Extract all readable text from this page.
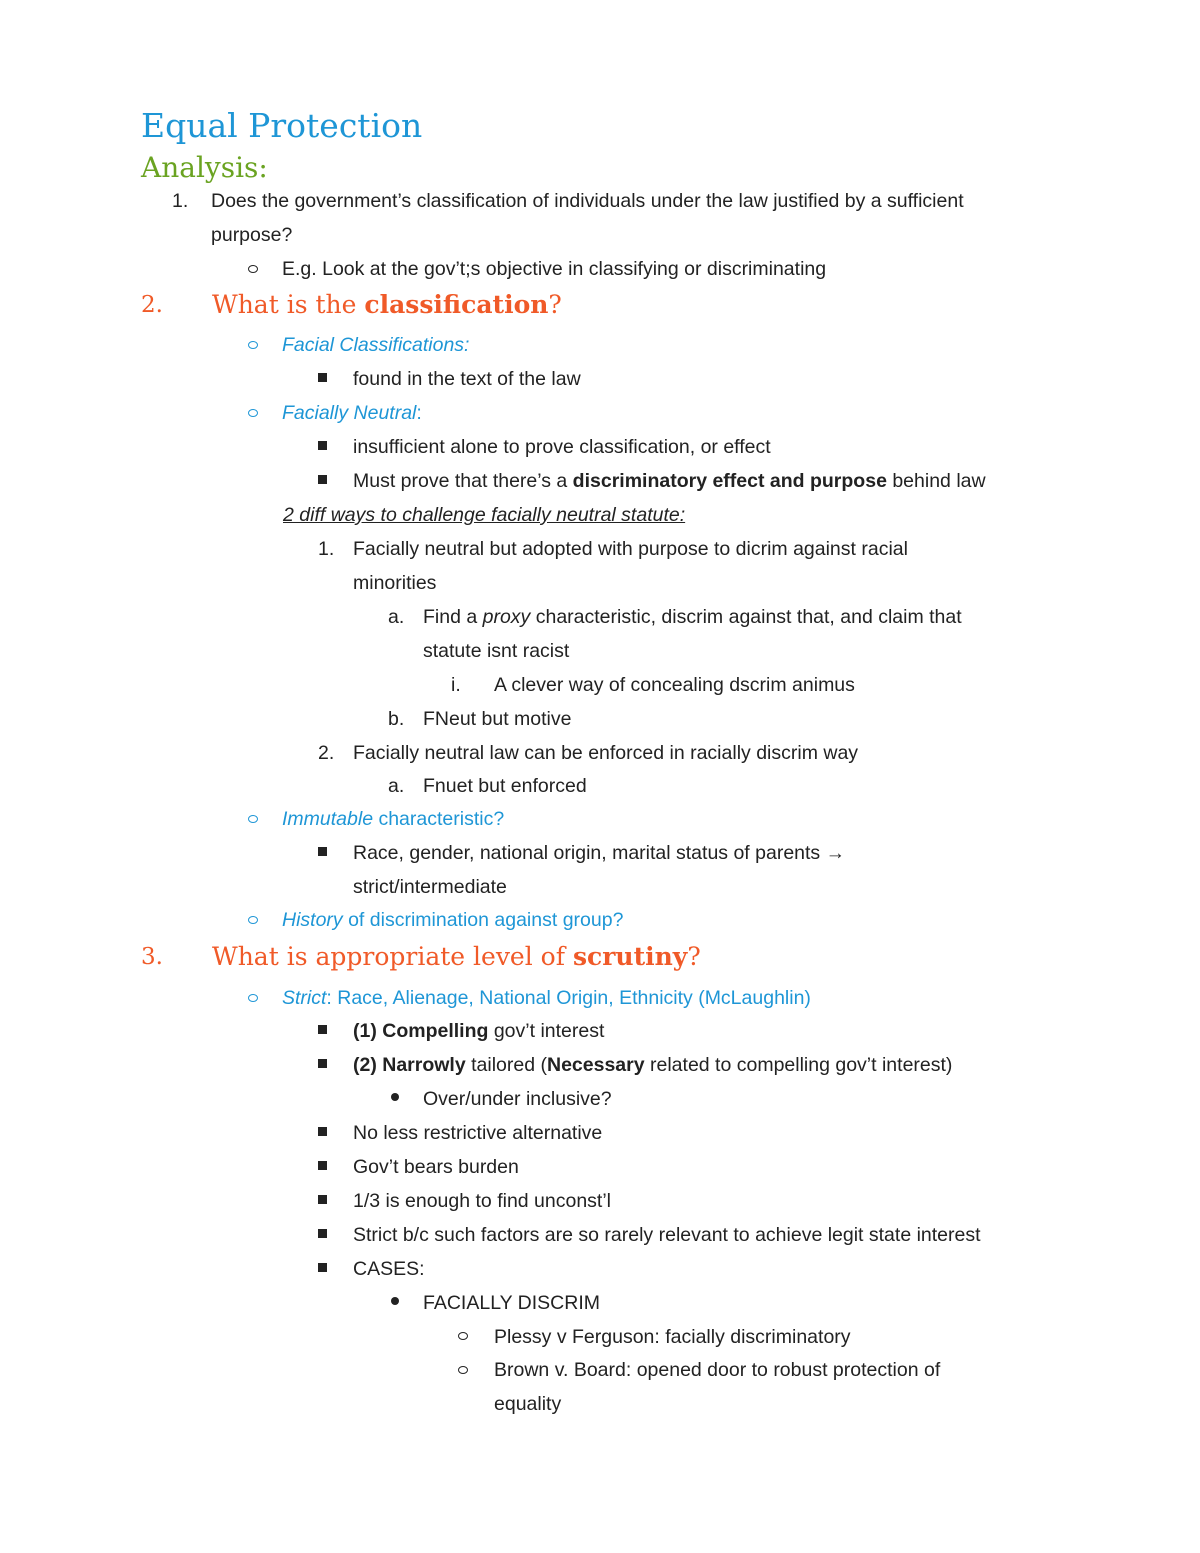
Equal Protection
Analysis:
1. Does the government’s classification of individuals under the law justified by a sufficient
purpose?
E.g. Look at the gov’t;s objective in classifying or discriminating
2. What is the classification?
Facial Classifications:
found in the text of the law
Facially Neutral:
insufficient alone to prove classification, or effect
Must prove that there’s a discriminatory effect and purpose behind law
2 diff ways to challenge facially neutral statute:
1. Facially neutral but adopted with purpose to dicrim against racial
minorities
a. Find a proxy characteristic, discrim against that, and claim that
statute isnt racist
i. A clever way of concealing dscrim animus
b. FNeut but motive
2. Facially neutral law can be enforced in racially discrim way
a. Fnuet but enforced
Immutable characteristic?
Race, gender, national origin, marital status of parents →
strict/intermediate
History of discrimination against group?
3. What is appropriate level of scrutiny?
Strict: Race, Alienage, National Origin, Ethnicity (McLaughlin)
(1) Compelling gov’t interest
(2) Narrowly tailored (Necessary related to compelling gov’t interest)
Over/under inclusive?
No less restrictive alternative
Gov’t bears burden
1/3 is enough to find unconst’l
Strict b/c such factors are so rarely relevant to achieve legit state interest
CASES:
FACIALLY DISCRIM
Plessy v Ferguson: facially discriminatory
Brown v. Board: opened door to robust protection of
equality
